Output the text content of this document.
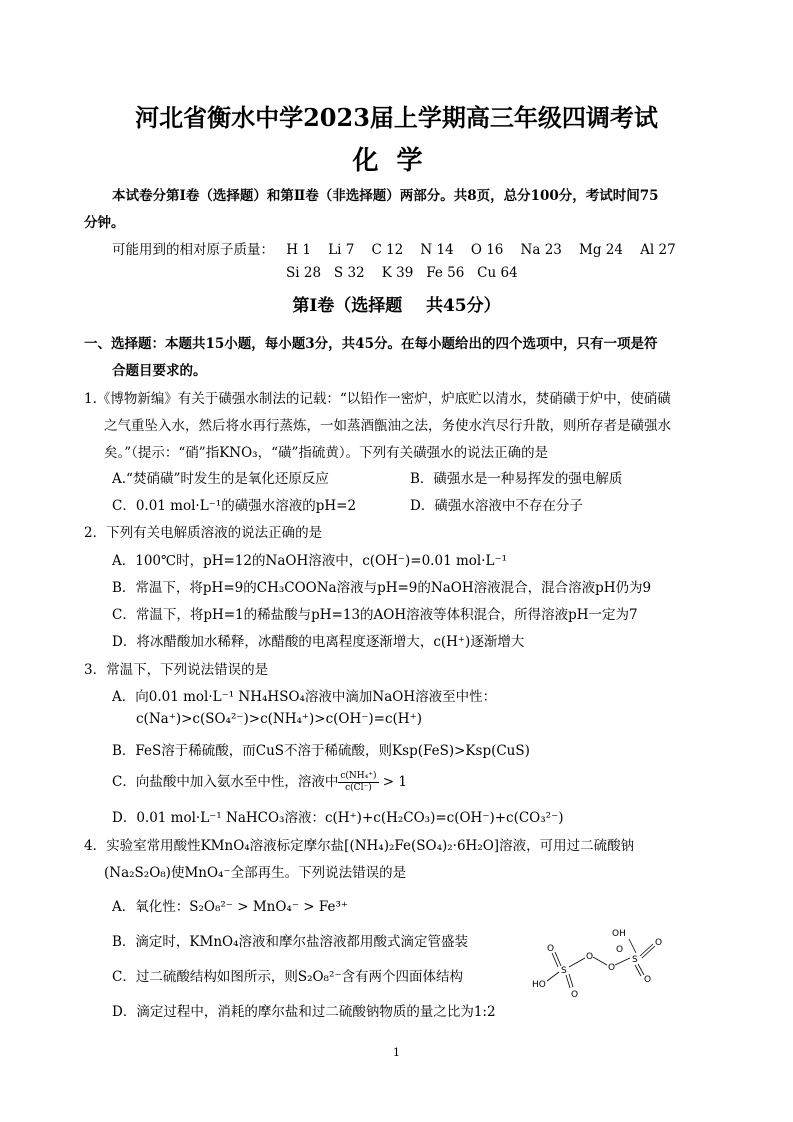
河北省衡水中学2023届上学期高三年级四调考试
化学
本试卷分第Ⅰ卷（选择题）和第Ⅱ卷（非选择题）两部分。共8页，总分100分，考试时间75
分钟。
可能用到的相对原子质量： H 1    Li 7    C 12    N 14    O 16    Na 23    Mg 24    Al 27
Si 28   S 32    K 39   Fe 56   Cu 64
第Ⅰ卷（选择题    共45分）
一、选择题：本题共15小题，每小题3分，共45分。在每小题给出的四个选项中，只有一项是符
合题目要求的。
1.《博物新编》有关于磺强水制法的记载：“以铅作一密炉，炉底贮以清水，焚硝磺于炉中，使硝磺
之气重坠入水，然后将水再行蒸炼，一如蒸酒甑油之法，务使水汽尽行升散，则所存者是磺强水
矣。”（提示：“硝”指KNO₃，“磺”指硫黄）。下列有关磺强水的说法正确的是
A.“焚硝磺”时发生的是氧化还原反应	B．磺强水是一种易挥发的强电解质
C．0.01 mol·L⁻¹的磺强水溶液的pH=2	D．磺强水溶液中不存在分子
2．下列有关电解质溶液的说法正确的是
A．100℃时，pH=12的NaOH溶液中，c(OH⁻)=0.01 mol·L⁻¹
B．常温下，将pH=9的CH₃COONa溶液与pH=9的NaOH溶液混合，混合溶液pH仍为9
C．常温下，将pH=1的稀盐酸与pH=13的AOH溶液等体积混合，所得溶液pH一定为7
D．将冰醋酸加水稀释，冰醋酸的电离程度逐渐增大，c(H⁺)逐渐增大
3．常温下，下列说法错误的是
A．向0.01 mol·L⁻¹ NH₄HSO₄溶液中滴加NaOH溶液至中性：
c(Na⁺)>c(SO₄²⁻)>c(NH₄⁺)>c(OH⁻)=c(H⁺)
B．FeS溶于稀硫酸，而CuS不溶于稀硫酸，则Ksp(FeS)>Ksp(CuS)
C．向盐酸中加入氨水至中性，溶液中 $\frac{\text{c(NH₄⁺)}}{c(Cl^-)} > 1$
D．0.01 mol·L⁻¹ NaHCO₃溶液：c(H⁺)+c(H₂CO₃)=c(OH⁻)+c(CO₃²⁻)
4．实验室常用酸性KMnO₄溶液标定摩尔盐[(NH₄)₂Fe(SO₄)₂·6H₂O]溶液，可用过二硫酸钠
(Na₂S₂O₈)使MnO₄⁻全部再生。下列说法错误的是
A．氧化性：S₂O₈²⁻ > MnO₄⁻ > Fe³⁺
B．滴定时，KMnO₄溶液和摩尔盐溶液都用酸式滴定管盛装
C．过二硫酸结构如图所示，则S₂O₈²⁻含有两个四面体结构
D．滴定过程中，消耗的摩尔盐和过二硫酸钠物质的量之比为1:2
HO
S
O
O
O
O
O
S
O
O
OH
1
